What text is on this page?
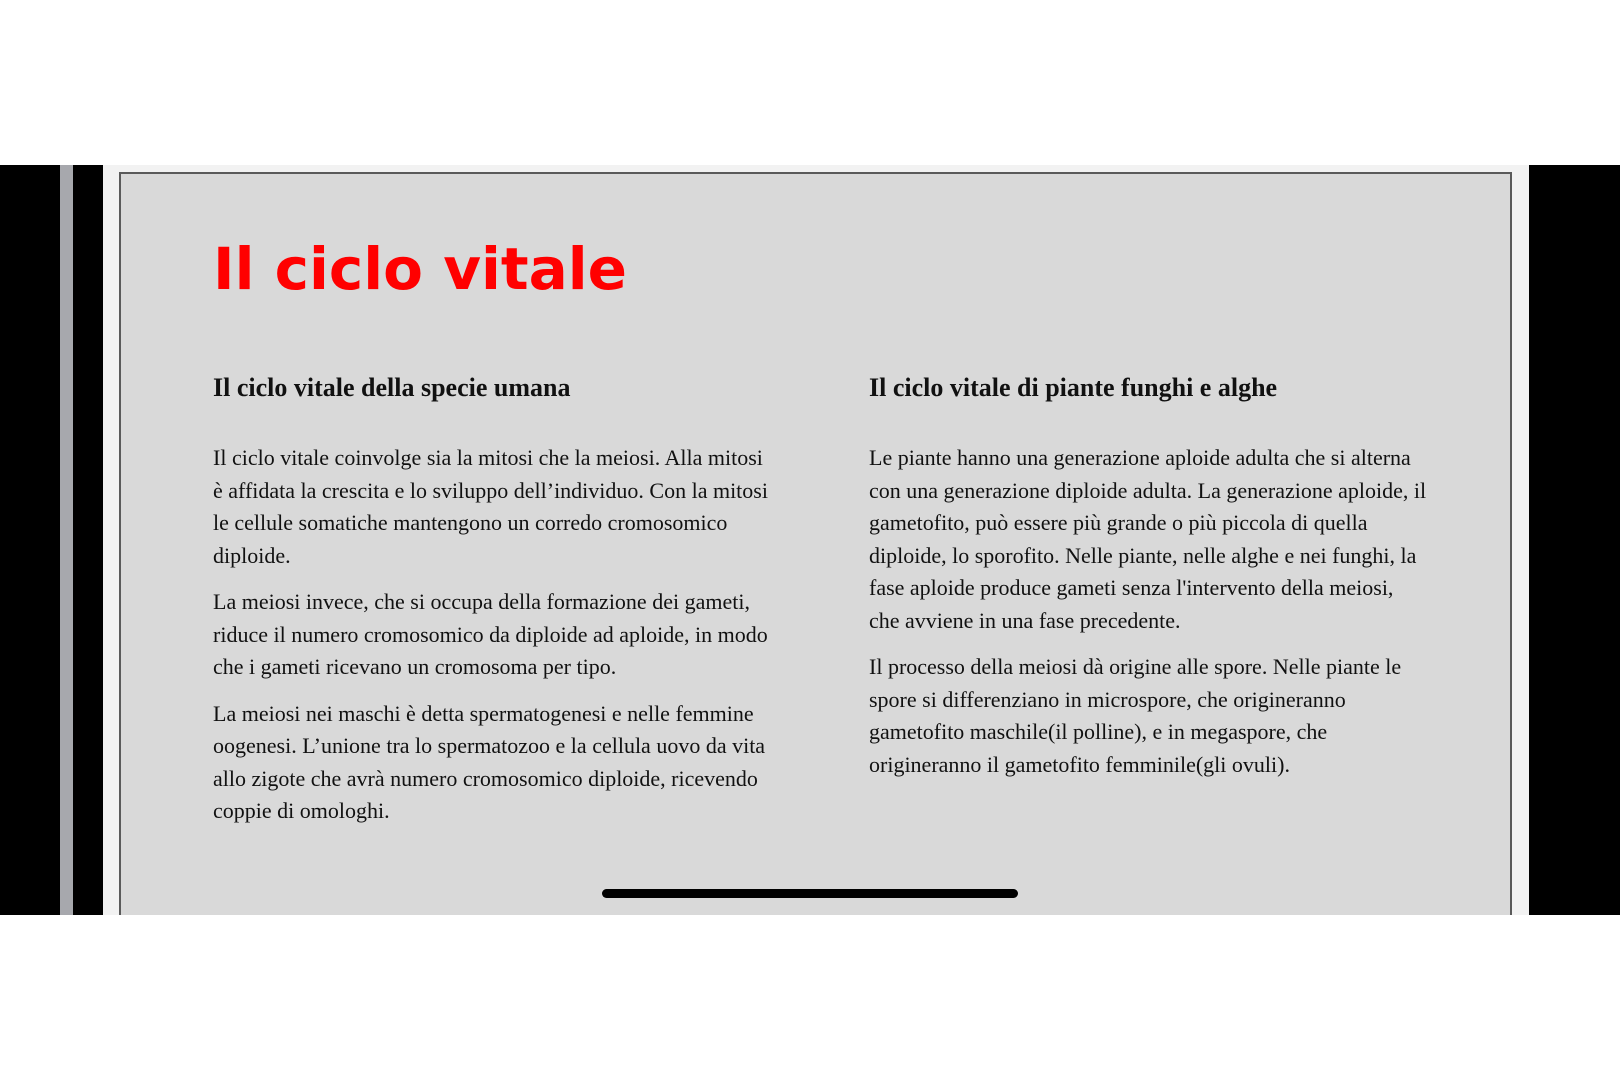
Il ciclo vitale
Il ciclo vitale della specie umana

Il ciclo vitale coinvolge sia la mitosi che la meiosi. Alla mitosi è affidata la crescita e lo sviluppo dell’individuo. Con la mitosi le cellule somatiche mantengono un corredo cromosomico diploide.

La meiosi invece, che si occupa della formazione dei gameti, riduce il numero cromosomico da diploide ad aploide, in modo che i gameti ricevano un cromosoma per tipo.

La meiosi nei maschi è detta spermatogenesi e nelle femmine oogenesi. L’unione tra lo spermatozoo e la cellula uovo da vita allo zigote che avrà numero cromosomico diploide, ricevendo coppie di omologhi.

Il ciclo vitale di piante funghi e alghe

Le piante hanno una generazione aploide adulta che si alterna con una generazione diploide adulta. La generazione aploide, il gametofito, può essere più grande o più piccola di quella diploide, lo sporofito. Nelle piante, nelle alghe e nei funghi, la fase aploide produce gameti senza l'intervento della meiosi, che avviene in una fase precedente.

Il processo della meiosi dà origine alle spore. Nelle piante le spore si differenziano in microspore, che origineranno gametofito maschile(il polline), e in megaspore, che origineranno il gametofito femminile(gli ovuli).
